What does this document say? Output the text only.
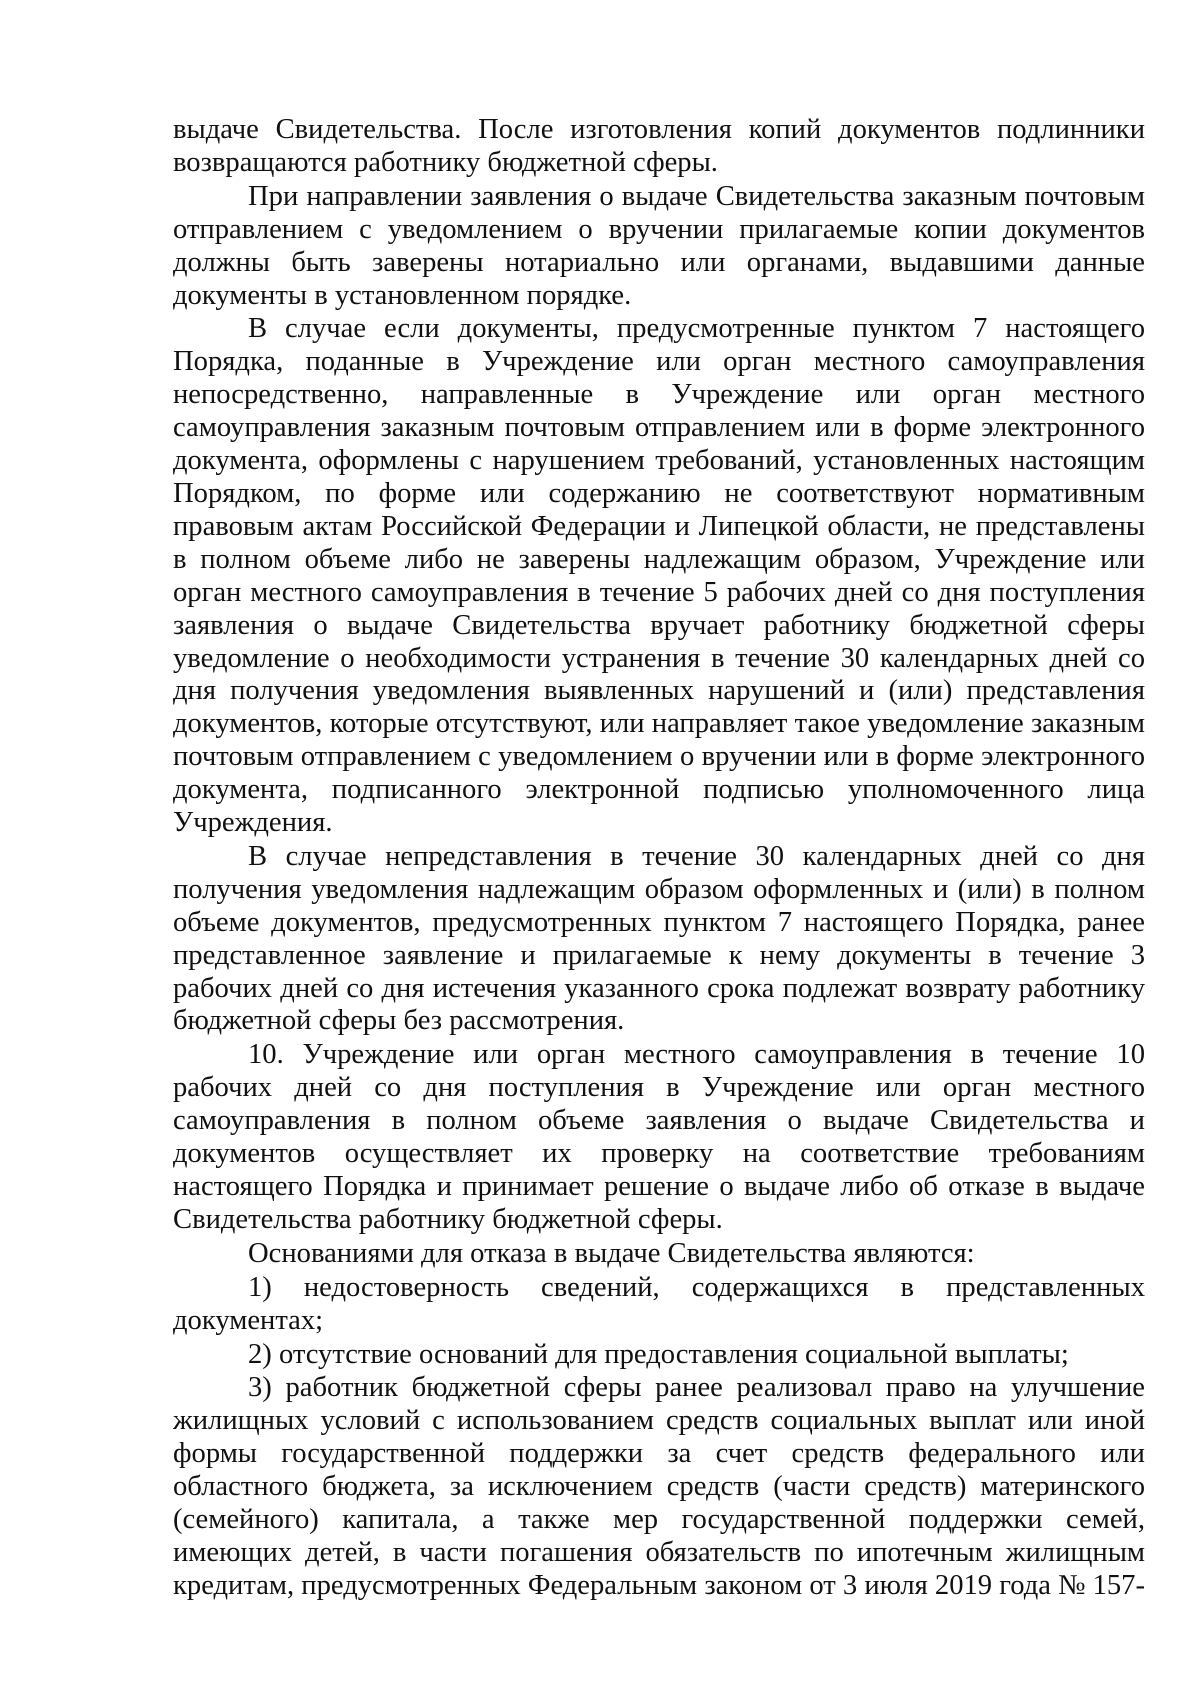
выдаче Свидетельства. После изготовления копий документов подлинники возвращаются работнику бюджетной сферы.

При направлении заявления о выдаче Свидетельства заказным почтовым отправлением с уведомлением о вручении прилагаемые копии документов должны быть заверены нотариально или органами, выдавшими данные документы в установленном порядке.

В случае если документы, предусмотренные пунктом 7 настоящего Порядка, поданные в Учреждение или орган местного самоуправления непосредственно, направленные в Учреждение или орган местного самоуправления заказным почтовым отправлением или в форме электронного документа, оформлены с нарушением требований, установленных настоящим Порядком, по форме или содержанию не соответствуют нормативным правовым актам Российской Федерации и Липецкой области, не представлены в полном объеме либо не заверены надлежащим образом, Учреждение или орган местного самоуправления в течение 5 рабочих дней со дня поступления заявления о выдаче Свидетельства вручает работнику бюджетной сферы уведомление о необходимости устранения в течение 30 календарных дней со дня получения уведомления выявленных нарушений и (или) представления документов, которые отсутствуют, или направляет такое уведомление заказным почтовым отправлением с уведомлением о вручении или в форме электронного документа, подписанного электронной подписью уполномоченного лица Учреждения.

В случае непредставления в течение 30 календарных дней со дня получения уведомления надлежащим образом оформленных и (или) в полном объеме документов, предусмотренных пунктом 7 настоящего Порядка, ранее представленное заявление и прилагаемые к нему документы в течение 3 рабочих дней со дня истечения указанного срока подлежат возврату работнику бюджетной сферы без рассмотрения.

10. Учреждение или орган местного самоуправления в течение 10 рабочих дней со дня поступления в Учреждение или орган местного самоуправления в полном объеме заявления о выдаче Свидетельства и документов осуществляет их проверку на соответствие требованиям настоящего Порядка и принимает решение о выдаче либо об отказе в выдаче Свидетельства работнику бюджетной сферы.

Основаниями для отказа в выдаче Свидетельства являются:

1) недостоверность сведений, содержащихся в представленных документах;

2) отсутствие оснований для предоставления социальной выплаты;

3) работник бюджетной сферы ранее реализовал право на улучшение жилищных условий с использованием средств социальных выплат или иной формы государственной поддержки за счет средств федерального или областного бюджета, за исключением средств (части средств) материнского (семейного) капитала, а также мер государственной поддержки семей, имеющих детей, в части погашения обязательств по ипотечным жилищным кредитам, предусмотренных Федеральным законом от 3 июля 2019 года № 157-
